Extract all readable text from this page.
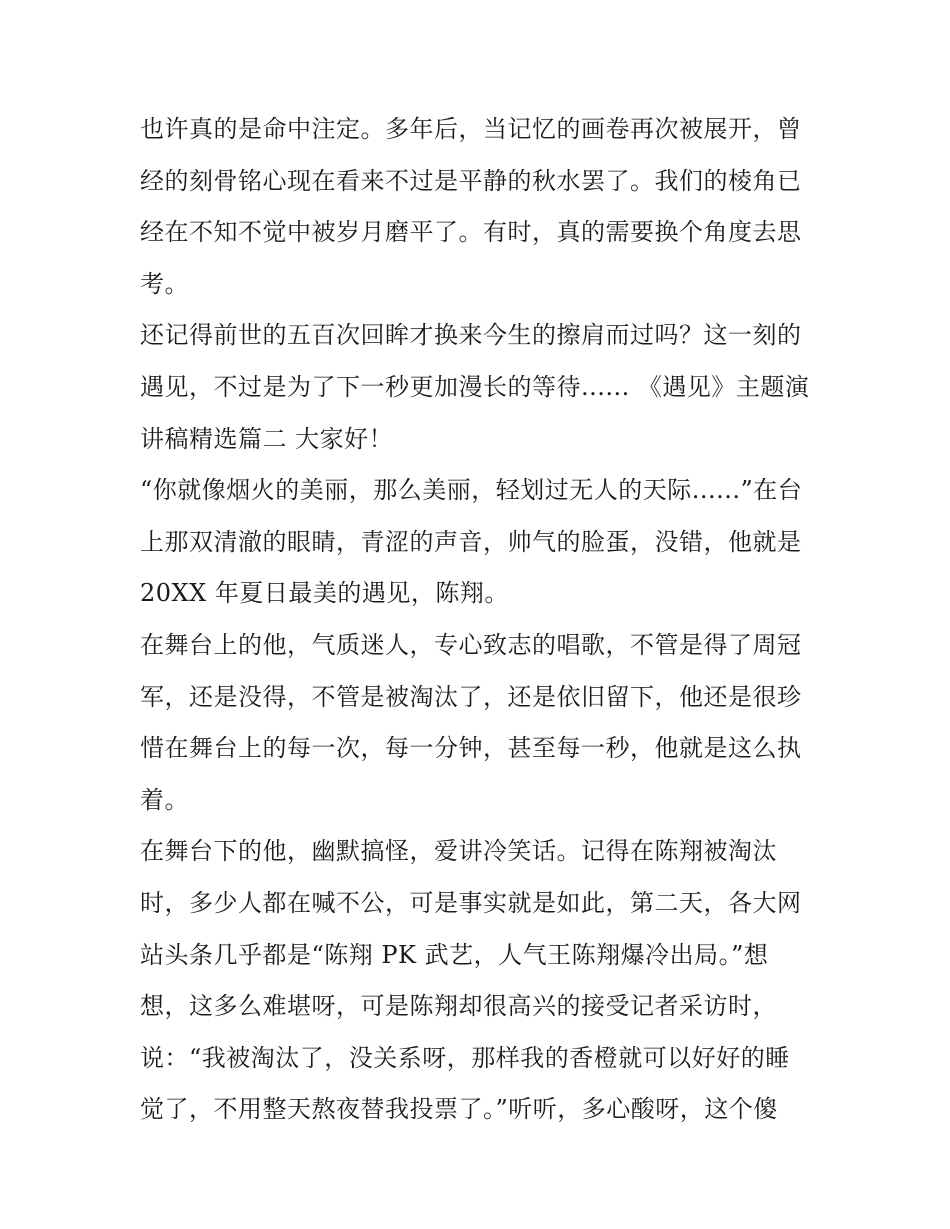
也许真的是命中注定。多年后，当记忆的画卷再次被展开，曾
经的刻骨铭心现在看来不过是平静的秋水罢了。我们的棱角已
经在不知不觉中被岁月磨平了。有时，真的需要换个角度去思
考。
还记得前世的五百次回眸才换来今生的擦肩而过吗？这一刻的
遇见，不过是为了下一秒更加漫长的等待...... 《遇见》主题演
讲稿精选篇二 大家好！
“你就像烟火的美丽，那么美丽，轻划过无人的天际......”在台
上那双清澈的眼睛，青涩的声音，帅气的脸蛋，没错，他就是
20XX 年夏日最美的遇见，陈翔。
在舞台上的他，气质迷人，专心致志的唱歌，不管是得了周冠
军，还是没得，不管是被淘汰了，还是依旧留下，他还是很珍
惜在舞台上的每一次，每一分钟，甚至每一秒，他就是这么执
着。
在舞台下的他，幽默搞怪，爱讲冷笑话。记得在陈翔被淘汰
时，多少人都在喊不公，可是事实就是如此，第二天，各大网
站头条几乎都是“陈翔 PK 武艺，人气王陈翔爆冷出局。”想
想，这多么难堪呀，可是陈翔却很高兴的接受记者采访时，
说：“我被淘汰了，没关系呀，那样我的香橙就可以好好的睡
觉了，不用整天熬夜替我投票了。”听听，多心酸呀，这个傻
